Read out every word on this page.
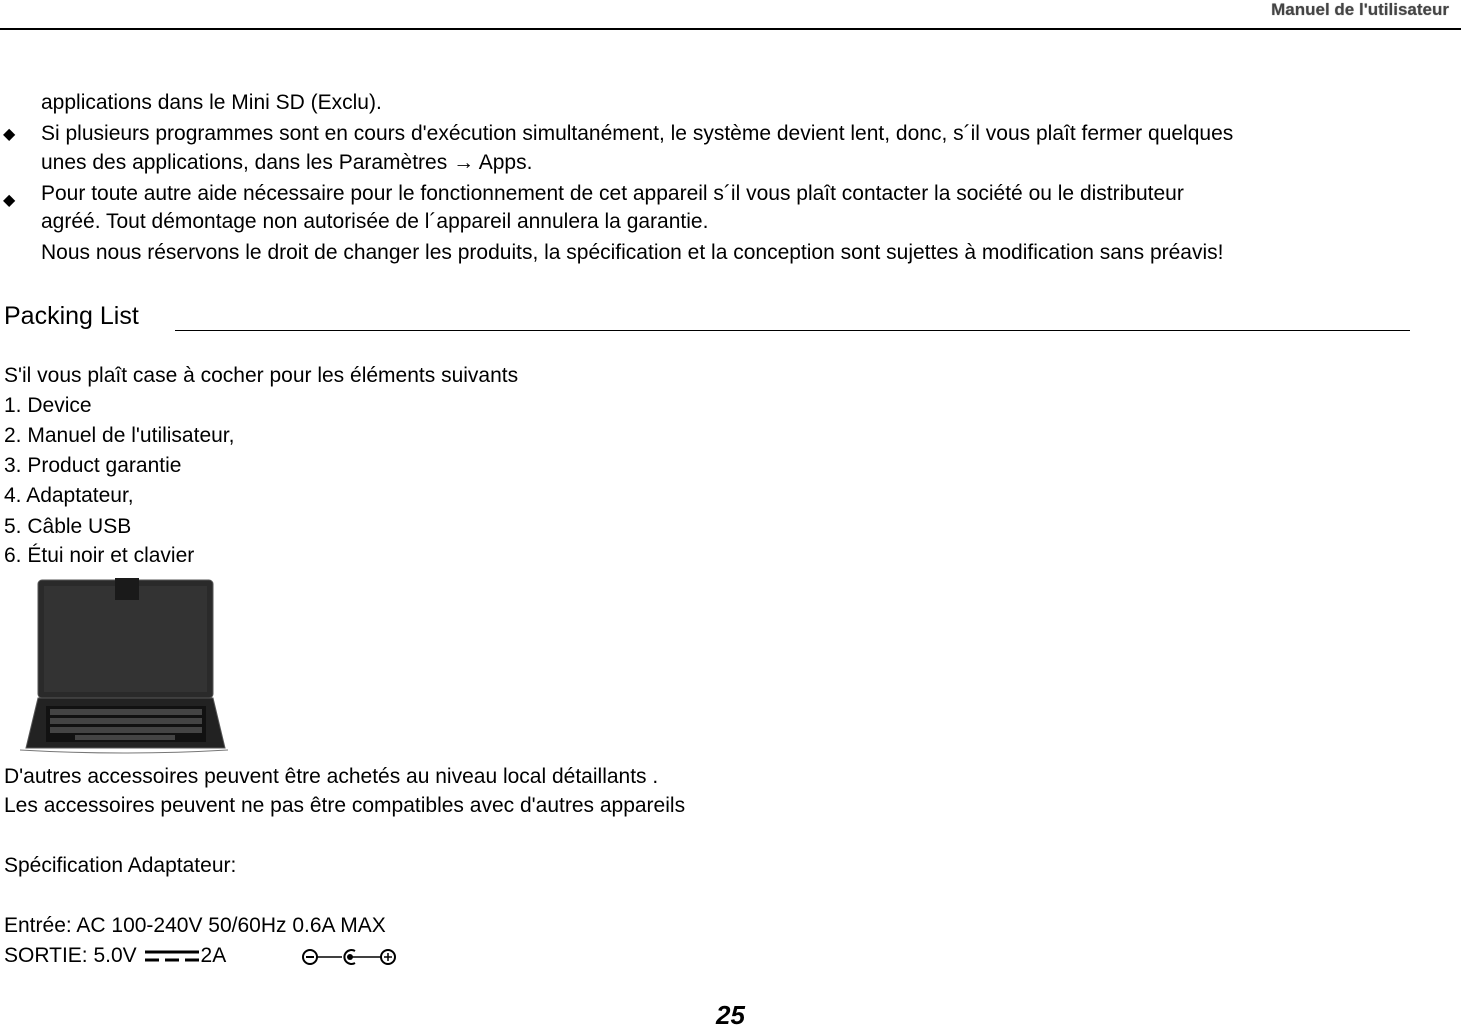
Manuel de l'utilisateur
applications dans le Mini SD (Exclu).
◆ Si plusieurs programmes sont en cours d'exécution simultanément, le système devient lent, donc, s´il vous plaît fermer quelques
unes des applications, dans les Paramètres → Apps.
◆ Pour toute autre aide nécessaire pour le fonctionnement de cet appareil s´il vous plaît contacter la société ou le distributeur
agréé. Tout démontage non autorisée de l´appareil annulera la garantie.
Nous nous réservons le droit de changer les produits, la spécification et la conception sont sujettes à modification sans préavis!
Packing List
S'il vous plaît case à cocher pour les éléments suivants
1. Device
2. Manuel de l'utilisateur,
3. Product garantie
4. Adaptateur,
5. Câble USB
6. Étui noir et clavier
D'autres accessoires peuvent être achetés au niveau local détaillants .
Les accessoires peuvent ne pas être compatibles avec d'autres appareils
Spécification Adaptateur:
Entrée: AC 100-240V 50/60Hz 0.6A MAX
SORTIE: 5.0V	2A
25
